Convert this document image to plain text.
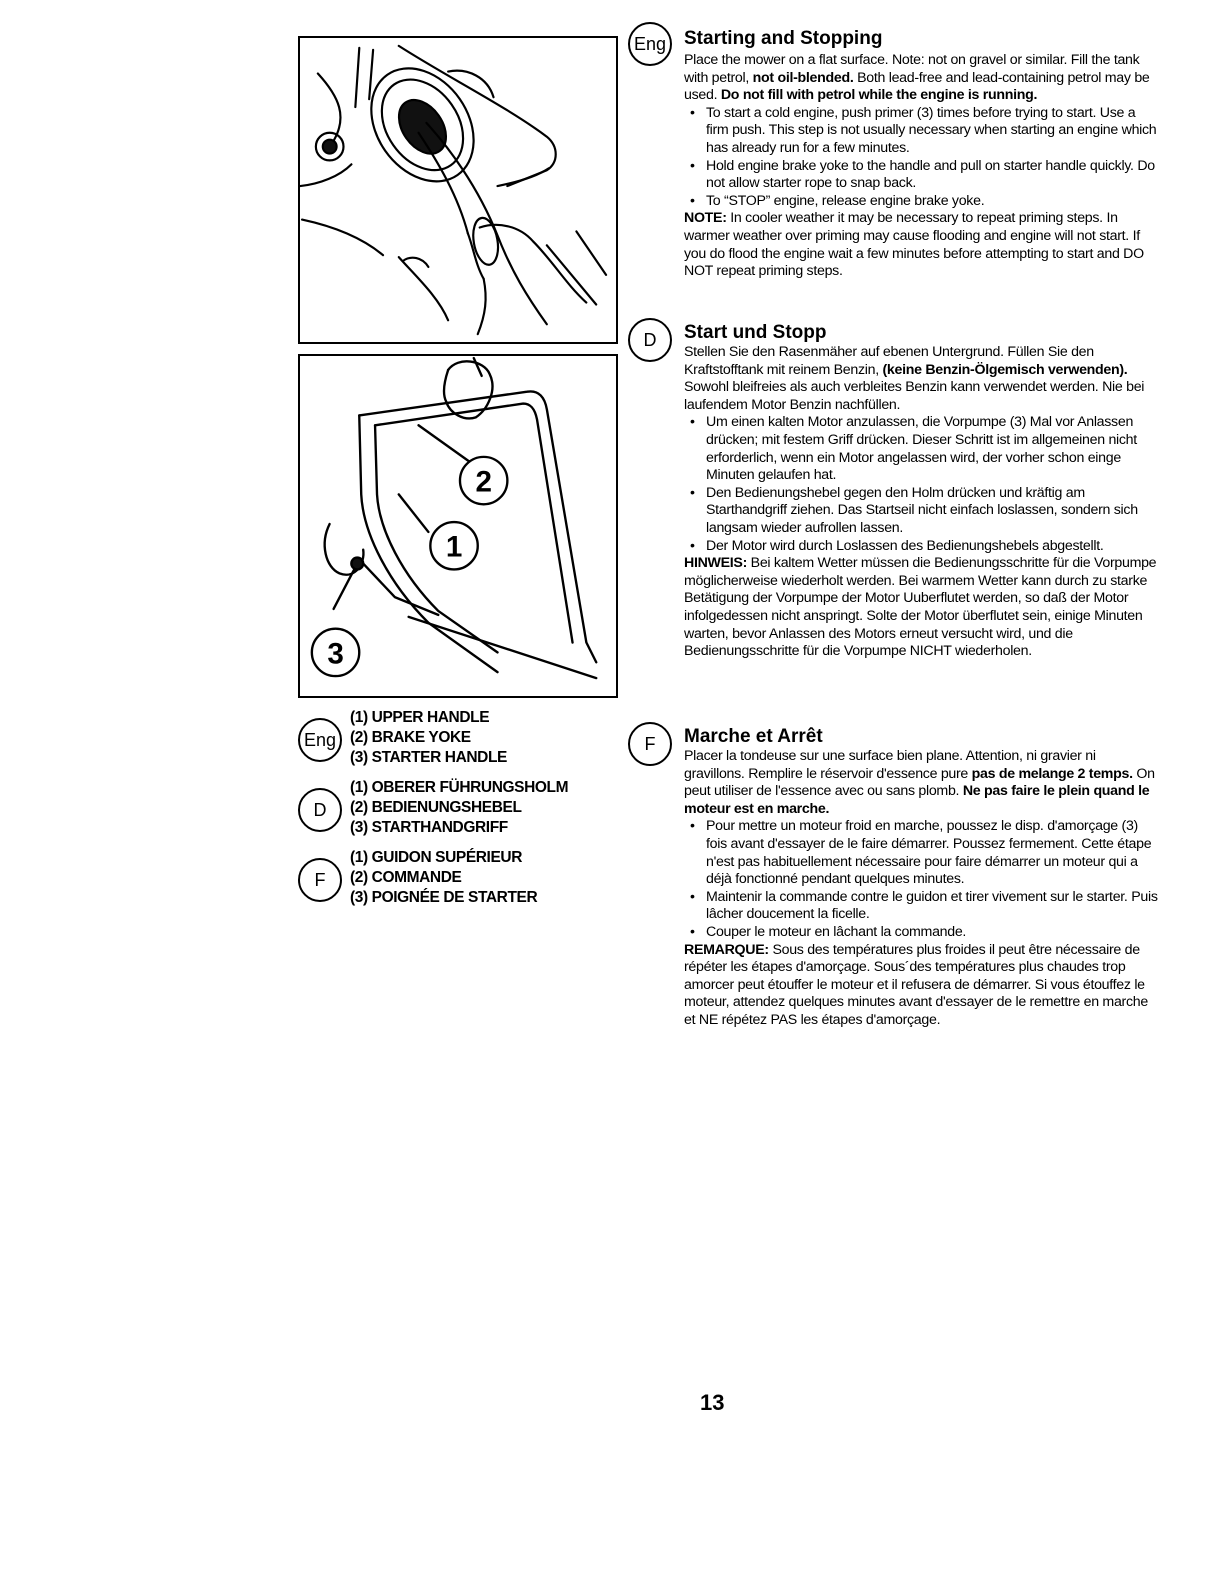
2
1
3
Eng
(1) UPPER HANDLE
(2) BRAKE YOKE
(3) STARTER HANDLE
D
(1) OBERER FÜHRUNGSHOLM
(2) BEDIENUNGSHEBEL
(3) STARTHANDGRIFF
F
(1) GUIDON SUPÉRIEUR
(2) COMMANDE
(3) POIGNÉE DE STARTER
Eng Starting and Stopping

Place the mower on a flat surface. Note: not on gravel or similar. Fill the tank with petrol, not oil-blended. Both lead-free and lead-containing petrol may be used. Do not fill with petrol while the engine is running.

• To start a cold engine, push primer (3) times before trying to start. Use a firm push. This step is not usually necessary when starting an engine which has already run for a few minutes.
• Hold engine brake yoke to the handle and pull on starter handle quickly. Do not allow starter rope to snap back.
• To “STOP” engine, release engine brake yoke.

NOTE: In cooler weather it may be necessary to repeat priming steps. In warmer weather over priming may cause flooding and engine will not start. If you do flood the engine wait a few minutes before attempting to start and DO NOT repeat priming steps.

D	Start und Stopp

Stellen Sie den Rasenmäher auf ebenen Untergrund. Füllen Sie den Kraftstofftank mit reinem Benzin, (keine Benzin-Ölgemisch verwenden). Sowohl bleifreies als auch verbleites Benzin kann verwendet werden. Nie bei laufendem Motor Benzin nachfüllen.

• Um einen kalten Motor anzulassen, die Vorpumpe (3) Mal vor Anlassen drücken; mit festem Griff drücken. Dieser Schritt ist im allgemeinen nicht erforderlich, wenn ein Motor angelassen wird, der vorher schon einge Minuten gelaufen hat.
• Den Bedienungshebel gegen den Holm drücken und kräftig am Starthandgriff ziehen. Das Startseil nicht einfach loslassen, sondern sich langsam wieder aufrollen lassen.
• Der Motor wird durch Loslassen des Bedienungshebels abgestellt.

HINWEIS: Bei kaltem Wetter müssen die Bedienungsschritte für die Vorpumpe möglicherweise wiederholt werden. Bei warmem Wetter kann durch zu starke Betätigung der Vorpumpe der Motor Uuberflutet werden, so daß der Motor infolgedessen nicht anspringt. Solte der Motor überflutet sein, einige Minuten warten, bevor Anlassen des Motors erneut versucht wird, und die Bedienungsschritte für die Vorpumpe NICHT wiederholen.

F	Marche et Arrêt

Placer la tondeuse sur une surface bien plane. Attention, ni gravier ni gravillons. Remplire le réservoir d'essence pure pas de melange 2 temps. On peut utiliser de l'essence avec ou sans plomb. Ne pas faire le plein quand le moteur est en marche.

• Pour mettre un moteur froid en marche, poussez le disp. d'amorçage (3) fois avant d'essayer de le faire démarrer. Poussez fermement. Cette étape n'est pas habituellement nécessaire pour faire démarrer un moteur qui a déjà fonctionné pendant quelques minutes.
• Maintenir la commande contre le guidon et tirer vivement sur le starter. Puis lâcher doucement la ficelle.
• Couper le moteur en lâchant la commande.

REMARQUE: Sous des températures plus froides il peut être nécessaire de répéter les étapes d'amorçage. Sous´des températures plus chaudes trop amorcer peut étouffer le moteur et il refusera de démarrer. Si vous étouffez le moteur, attendez quelques minutes avant d'essayer de le remettre en marche et NE répétez PAS les étapes d'amorçage.

13
